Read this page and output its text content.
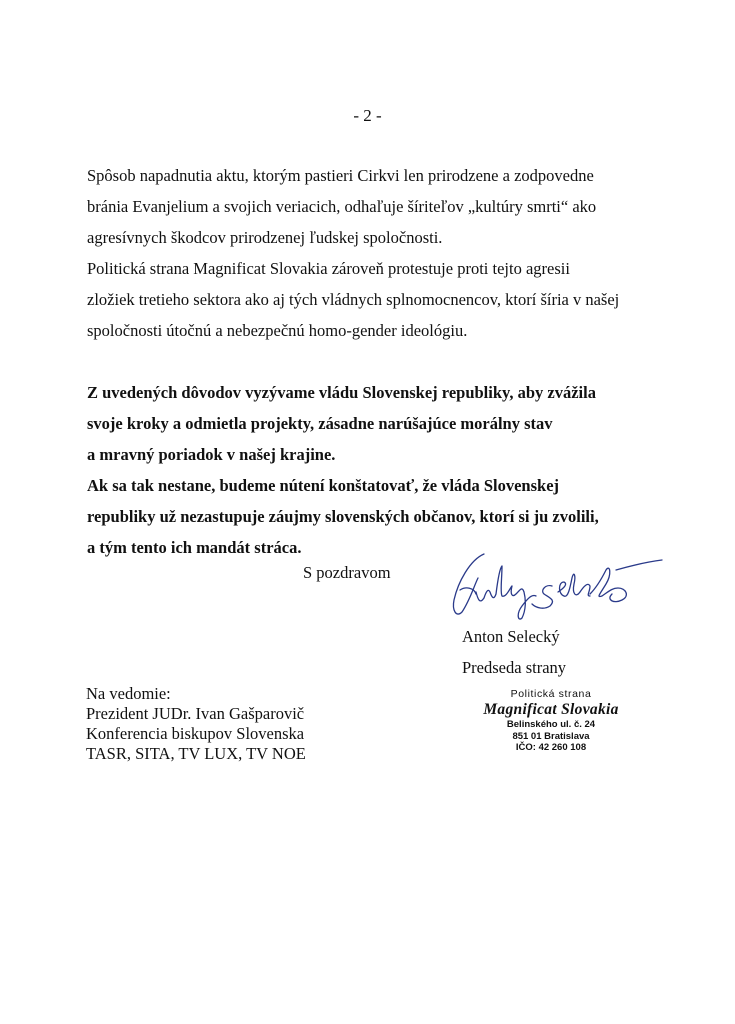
- 2 -
Spôsob napadnutia aktu, ktorým pastieri Cirkvi len prirodzene a zodpovedne
bránia Evanjelium a svojich veriacich, odhaľuje šíriteľov „kultúry smrti“ ako
agresívnych škodcov prirodzenej ľudskej spoločnosti.
Politická strana Magnificat Slovakia zároveň protestuje proti tejto agresii
zložiek tretieho sektora ako aj tých vládnych splnomocnencov, ktorí šíria v našej
spoločnosti útočnú a nebezpečnú homo-gender ideológiu.
Z uvedených dôvodov vyzývame vládu Slovenskej republiky, aby zvážila
svoje kroky a odmietla projekty, zásadne narúšajúce morálny stav
a mravný poriadok v našej krajine.
Ak sa tak nestane, budeme nútení konštatovať, že vláda Slovenskej
republiky už nezastupuje záujmy slovenských občanov, ktorí si ju zvolili,
a tým tento ich mandát stráca.
S pozdravom
Anton Selecký
Predseda strany
Na vedomie:
Prezident JUDr. Ivan Gašparovič
Konferencia biskupov Slovenska
TASR, SITA, TV LUX, TV NOE
Politická strana
Magnificat Slovakia
Belinského ul. č. 24
851 01 Bratislava
IČO: 42 260 108
